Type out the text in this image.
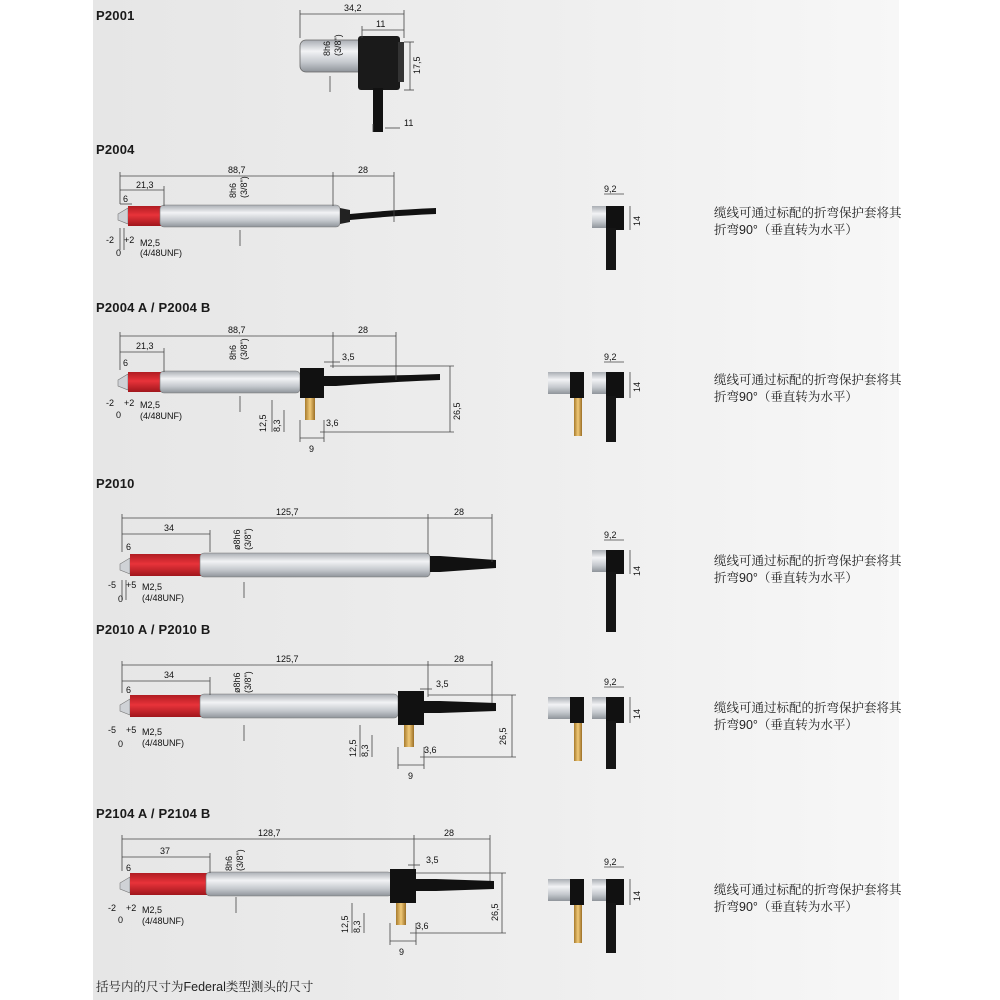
P2001
P2004
P2004 A / P2004 B
P2010
P2010 A / P2010 B
P2104 A / P2104 B
缆线可通过标配的折弯保护套将其
折弯90°（垂直转为水平）
缆线可通过标配的折弯保护套将其
折弯90°（垂直转为水平）
缆线可通过标配的折弯保护套将其
折弯90°（垂直转为水平）
缆线可通过标配的折弯保护套将其
折弯90°（垂直转为水平）
缆线可通过标配的折弯保护套将其
折弯90°（垂直转为水平）
括号内的尺寸为Federal类型测头的尺寸
34,2
11
8h6 (3/8")
17,5
11
88,7	28
21,3
6
8h6 (3/8")
-2 +2
0
M2,5
(4/48UNF)
9,2
14
88,7	28
21,3
6
8h6 (3/8")	3,5
26,5
12,5 8,3	3,6
9
-2 +2
0
M2,5
(4/48UNF)
9,2
14
125,7	28
34
6	ø8h6 (3/8")
-5 +5
0
M2,5
(4/48UNF)
9,2
14
125,7	28
34
6	ø8h6 (3/8")	3,5
26,5
12,5 8,3	3,6
9
-5 +5
0
M2,5
(4/48UNF)
9,2
14
128,7	28
37
6	8h6 (3/8")	3,5
26,5
12,5 8,3	3,6
9
-2 +2
0
M2,5
(4/48UNF)
9,2
14
